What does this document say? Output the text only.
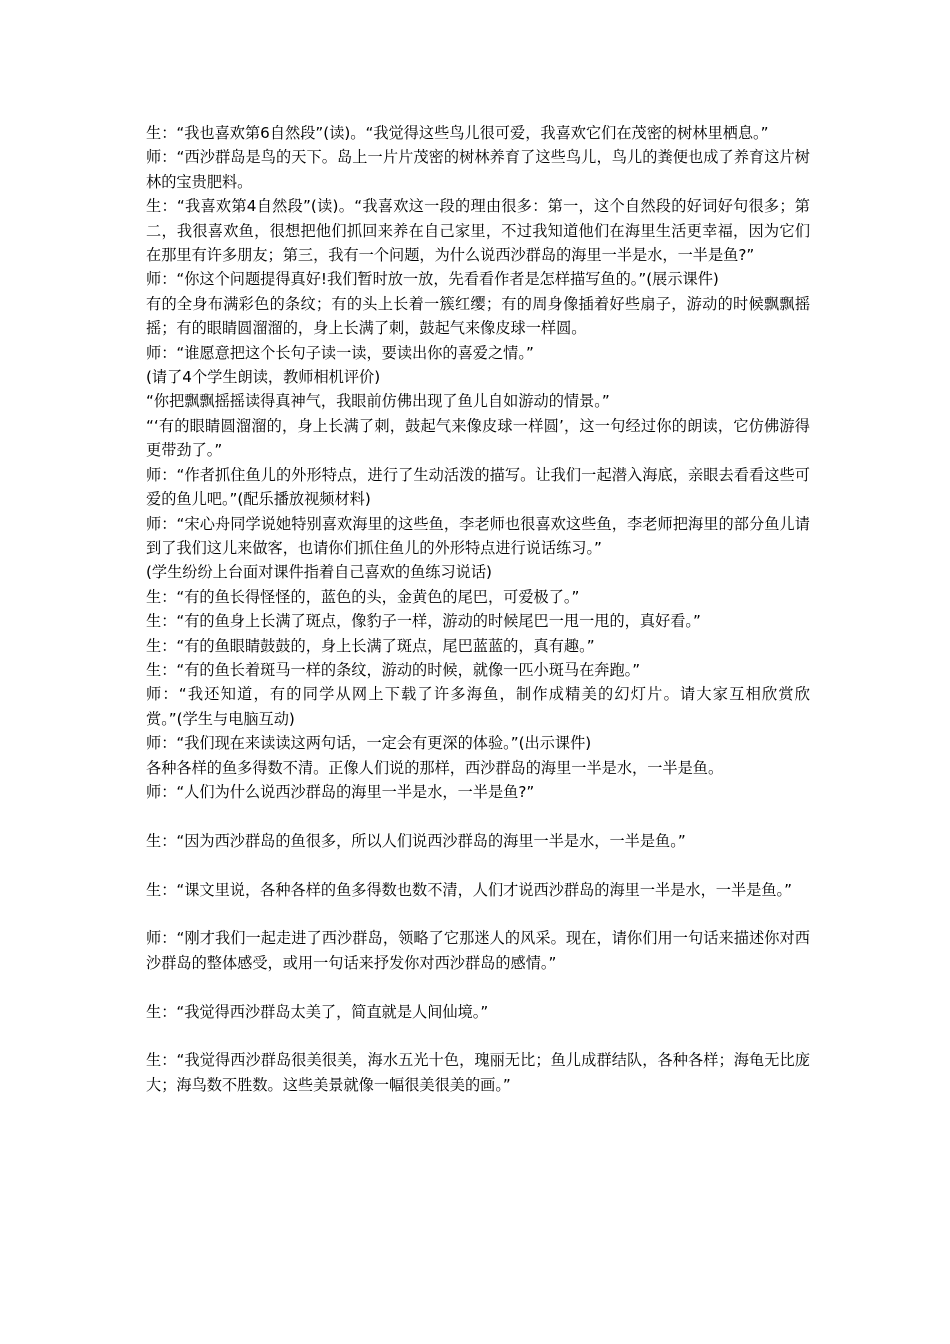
生：“我也喜欢第6自然段”(读)。“我觉得这些鸟儿很可爱，我喜欢它们在茂密的树林里栖息。”

师：“西沙群岛是鸟的天下。岛上一片片茂密的树林养育了这些鸟儿，鸟儿的粪便也成了养育这片树林的宝贵肥料。

生：“我喜欢第4自然段”(读)。“我喜欢这一段的理由很多：第一，这个自然段的好词好句很多；第二，我很喜欢鱼，很想把他们抓回来养在自己家里，不过我知道他们在海里生活更幸福，因为它们在那里有许多朋友；第三，我有一个问题，为什么说西沙群岛的海里一半是水，一半是鱼?”

师：“你这个问题提得真好!我们暂时放一放，先看看作者是怎样描写鱼的。”(展示课件)

有的全身布满彩色的条纹；有的头上长着一簇红缨；有的周身像插着好些扇子，游动的时候飘飘摇摇；有的眼睛圆溜溜的，身上长满了刺，鼓起气来像皮球一样圆。

师：“谁愿意把这个长句子读一读，要读出你的喜爱之情。”

(请了4个学生朗读，教师相机评价)

“你把飘飘摇摇读得真神气，我眼前仿佛出现了鱼儿自如游动的情景。”

“‘有的眼睛圆溜溜的，身上长满了刺，鼓起气来像皮球一样圆’，这一句经过你的朗读，它仿佛游得更带劲了。”

师：“作者抓住鱼儿的外形特点，进行了生动活泼的描写。让我们一起潜入海底，亲眼去看看这些可爱的鱼儿吧。”(配乐播放视频材料)

师：“宋心舟同学说她特别喜欢海里的这些鱼，李老师也很喜欢这些鱼，李老师把海里的部分鱼儿请到了我们这儿来做客，也请你们抓住鱼儿的外形特点进行说话练习。”

(学生纷纷上台面对课件指着自己喜欢的鱼练习说话)

生：“有的鱼长得怪怪的，蓝色的头，金黄色的尾巴，可爱极了。”

生：“有的鱼身上长满了斑点，像豹子一样，游动的时候尾巴一甩一甩的，真好看。”

生：“有的鱼眼睛鼓鼓的，身上长满了斑点，尾巴蓝蓝的，真有趣。”

生：“有的鱼长着斑马一样的条纹，游动的时候，就像一匹小斑马在奔跑。”

师：“我还知道，有的同学从网上下载了许多海鱼，制作成精美的幻灯片。请大家互相欣赏欣赏。”(学生与电脑互动)

师：“我们现在来读读这两句话，一定会有更深的体验。”(出示课件)

各种各样的鱼多得数不清。正像人们说的那样，西沙群岛的海里一半是水，一半是鱼。

师：“人们为什么说西沙群岛的海里一半是水，一半是鱼?”

生：“因为西沙群岛的鱼很多，所以人们说西沙群岛的海里一半是水，一半是鱼。”

生：“课文里说，各种各样的鱼多得数也数不清，人们才说西沙群岛的海里一半是水，一半是鱼。”

师：“刚才我们一起走进了西沙群岛，领略了它那迷人的风采。现在，请你们用一句话来描述你对西沙群岛的整体感受，或用一句话来抒发你对西沙群岛的感情。”

生：“我觉得西沙群岛太美了，简直就是人间仙境。”

生：“我觉得西沙群岛很美很美，海水五光十色，瑰丽无比；鱼儿成群结队，各种各样；海龟无比庞大；海鸟数不胜数。这些美景就像一幅很美很美的画。”
